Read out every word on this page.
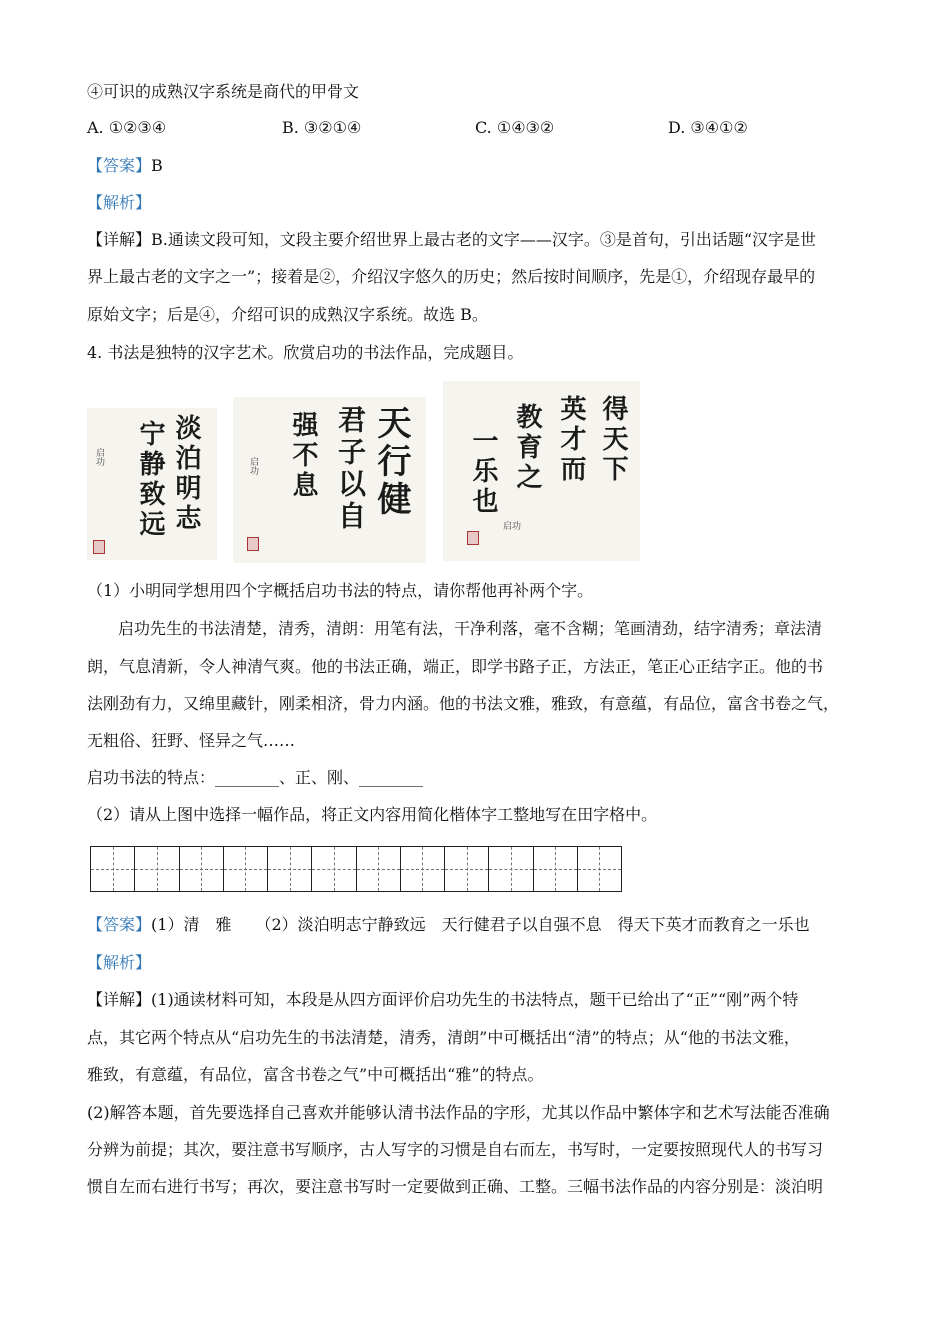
④可识的成熟汉字系统是商代的甲骨文
A. ①②③④	B. ③②①④	C. ①④③②	D. ③④①②
【答案】B
【解析】
【详解】B.通读文段可知，文段主要介绍世界上最古老的文字——汉字。③是首句，引出话题“汉字是世
界上最古老的文字之一”；接着是②，介绍汉字悠久的历史；然后按时间顺序，先是①，介绍现存最早的
原始文字；后是④，介绍可识的成熟汉字系统。故选 B。
4. 书法是独特的汉字艺术。欣赏启功的书法作品，完成题目。
淡泊明志
宁静致远
启功	天行健
君子以自
强不息
启功	得天下
英才而
教育之
一乐也
启功
（1）小明同学想用四个字概括启功书法的特点，请你帮他再补两个字。
启功先生的书法清楚，清秀，清朗：用笔有法，干净利落，毫不含糊；笔画清劲，结字清秀；章法清
朗，气息清新，令人神清气爽。他的书法正确，端正，即学书路子正，方法正，笔正心正结字正。他的书
法刚劲有力，又绵里藏针，刚柔相济，骨力内涵。他的书法文雅，雅致，有意蕴，有品位，富含书卷之气，
无粗俗、狂野、怪异之气……
启功书法的特点：________、正、刚、________
（2）请从上图中选择一幅作品，将正文内容用简化楷体字工整地写在田字格中。
【答案】(1）清　雅　　（2）淡泊明志宁静致远　天行健君子以自强不息　得天下英才而教育之一乐也
【解析】
【详解】(1)通读材料可知，本段是从四方面评价启功先生的书法特点，题干已给出了“正”“刚”两个特
点，其它两个特点从“启功先生的书法清楚，清秀，清朗”中可概括出“清”的特点；从“他的书法文雅，
雅致，有意蕴，有品位，富含书卷之气”中可概括出“雅”的特点。
(2)解答本题，首先要选择自己喜欢并能够认清书法作品的字形，尤其以作品中繁体字和艺术写法能否准确
分辨为前提；其次，要注意书写顺序，古人写字的习惯是自右而左，书写时，一定要按照现代人的书写习
惯自左而右进行书写；再次，要注意书写时一定要做到正确、工整。三幅书法作品的内容分别是：淡泊明
